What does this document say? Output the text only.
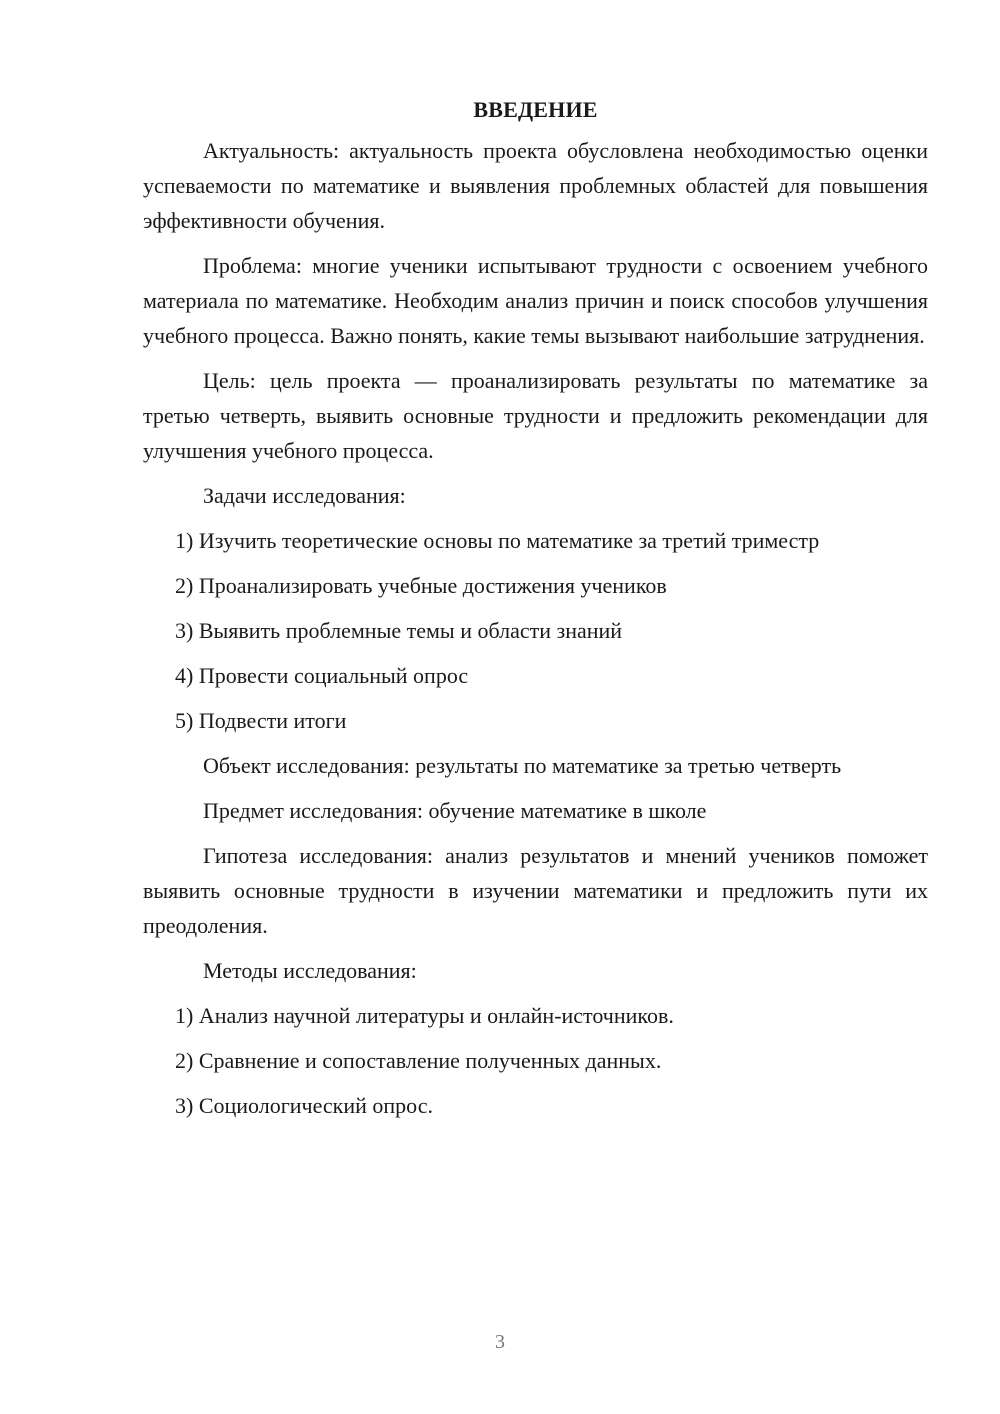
ВВЕДЕНИЕ

Актуальность: актуальность проекта обусловлена необходимостью оценки успеваемости по математике и выявления проблемных областей для повышения эффективности обучения.

Проблема: многие ученики испытывают трудности с освоением учебного материала по математике. Необходим анализ причин и поиск способов улучшения учебного процесса. Важно понять, какие темы вызывают наибольшие затруднения.

Цель: цель проекта — проанализировать результаты по математике за третью четверть, выявить основные трудности и предложить рекомендации для улучшения учебного процесса.

Задачи исследования:

1) Изучить теоретические основы по математике за третий триместр
2) Проанализировать учебные достижения учеников
3) Выявить проблемные темы и области знаний
4) Провести социальный опрос
5) Подвести итоги

Объект исследования: результаты по математике за третью четверть

Предмет исследования: обучение математике в школе

Гипотеза исследования: анализ результатов и мнений учеников поможет выявить основные трудности в изучении математики и предложить пути их преодоления.

Методы исследования:

1) Анализ научной литературы и онлайн-источников.
2) Сравнение и сопоставление полученных данных.
3) Социологический опрос.
3
